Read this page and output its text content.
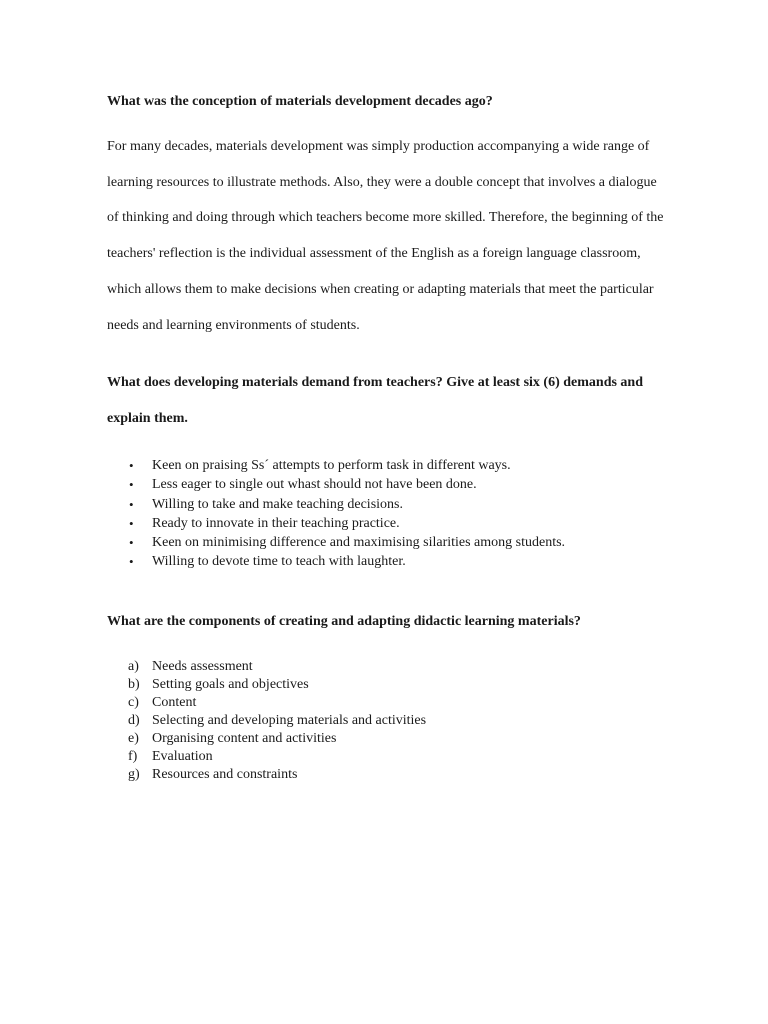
What was the conception of materials development decades ago?

For many decades, materials development was simply production accompanying a wide range of learning resources to illustrate methods. Also, they were a double concept that involves a dialogue of thinking and doing through which teachers become more skilled. Therefore, the beginning of the teachers' reflection is the individual assessment of the English as a foreign language classroom, which allows them to make decisions when creating or adapting materials that meet the particular needs and learning environments of students.

What does developing materials demand from teachers? Give at least six (6) demands and explain them.

• Keen on praising Ss´ attempts to perform task in different ways.
• Less eager to single out whast should not have been done.
• Willing to take and make teaching decisions.
• Ready to innovate in their teaching practice.
• Keen on minimising difference and maximising silarities among students.
• Willing to devote time to teach with laughter.

What are the components of creating and adapting didactic learning materials?

a) Needs assessment
b) Setting goals and objectives
c) Content
d) Selecting and developing materials and activities
e) Organising content and activities
f) Evaluation
g) Resources and constraints
